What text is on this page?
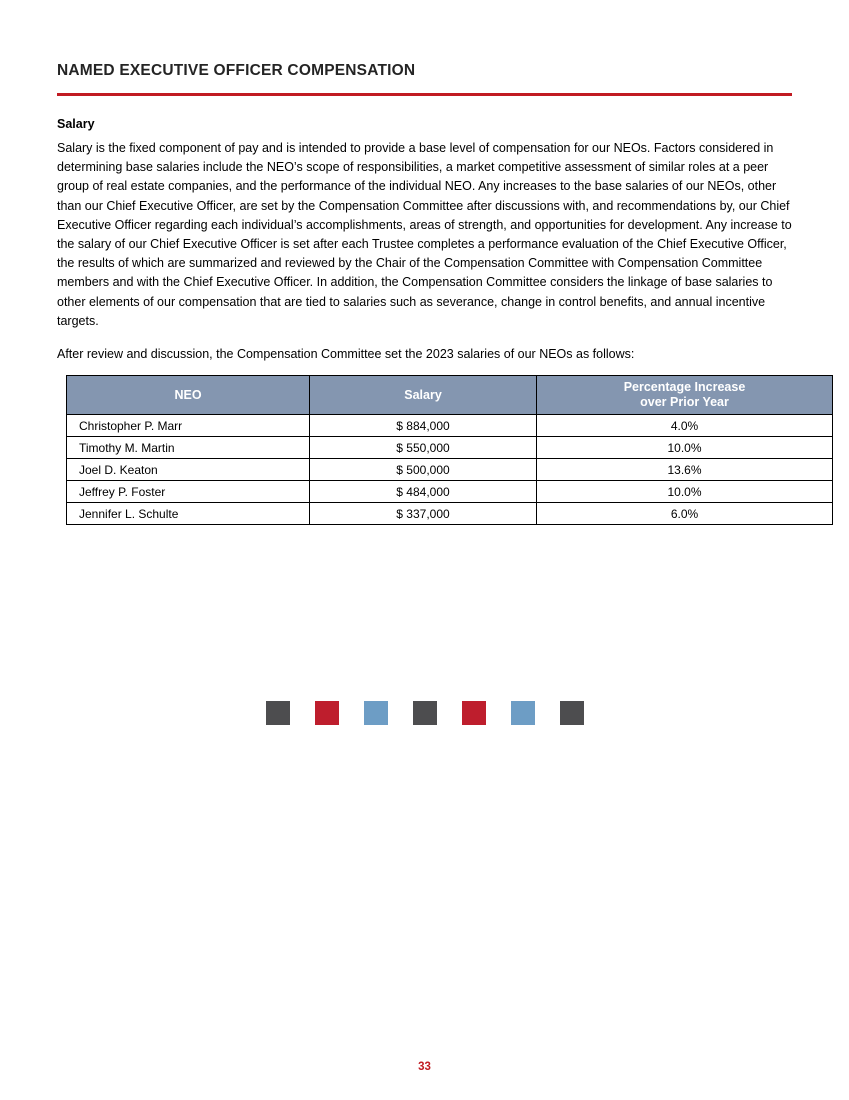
NAMED EXECUTIVE OFFICER COMPENSATION
Salary

Salary is the fixed component of pay and is intended to provide a base level of compensation for our NEOs. Factors considered in determining base salaries include the NEO’s scope of responsibilities, a market competitive assessment of similar roles at a peer group of real estate companies, and the performance of the individual NEO. Any increases to the base salaries of our NEOs, other than our Chief Executive Officer, are set by the Compensation Committee after discussions with, and recommendations by, our Chief Executive Officer regarding each individual’s accomplishments, areas of strength, and opportunities for development. Any increase to the salary of our Chief Executive Officer is set after each Trustee completes a performance evaluation of the Chief Executive Officer, the results of which are summarized and reviewed by the Chair of the Compensation Committee with Compensation Committee members and with the Chief Executive Officer. In addition, the Compensation Committee considers the linkage of base salaries to other elements of our compensation that are tied to salaries such as severance, change in control benefits, and annual incentive targets.

After review and discussion, the Compensation Committee set the 2023 salaries of our NEOs as follows:

NEO	Salary	Percentage Increase
over Prior Year
Christopher P. Marr	$ 884,000	4.0%
Timothy M. Martin	$ 550,000	10.0%
Joel D. Keaton	$ 500,000	13.6%
Jeffrey P. Foster	$ 484,000	10.0%
Jennifer L. Schulte	$ 337,000	6.0%
33
